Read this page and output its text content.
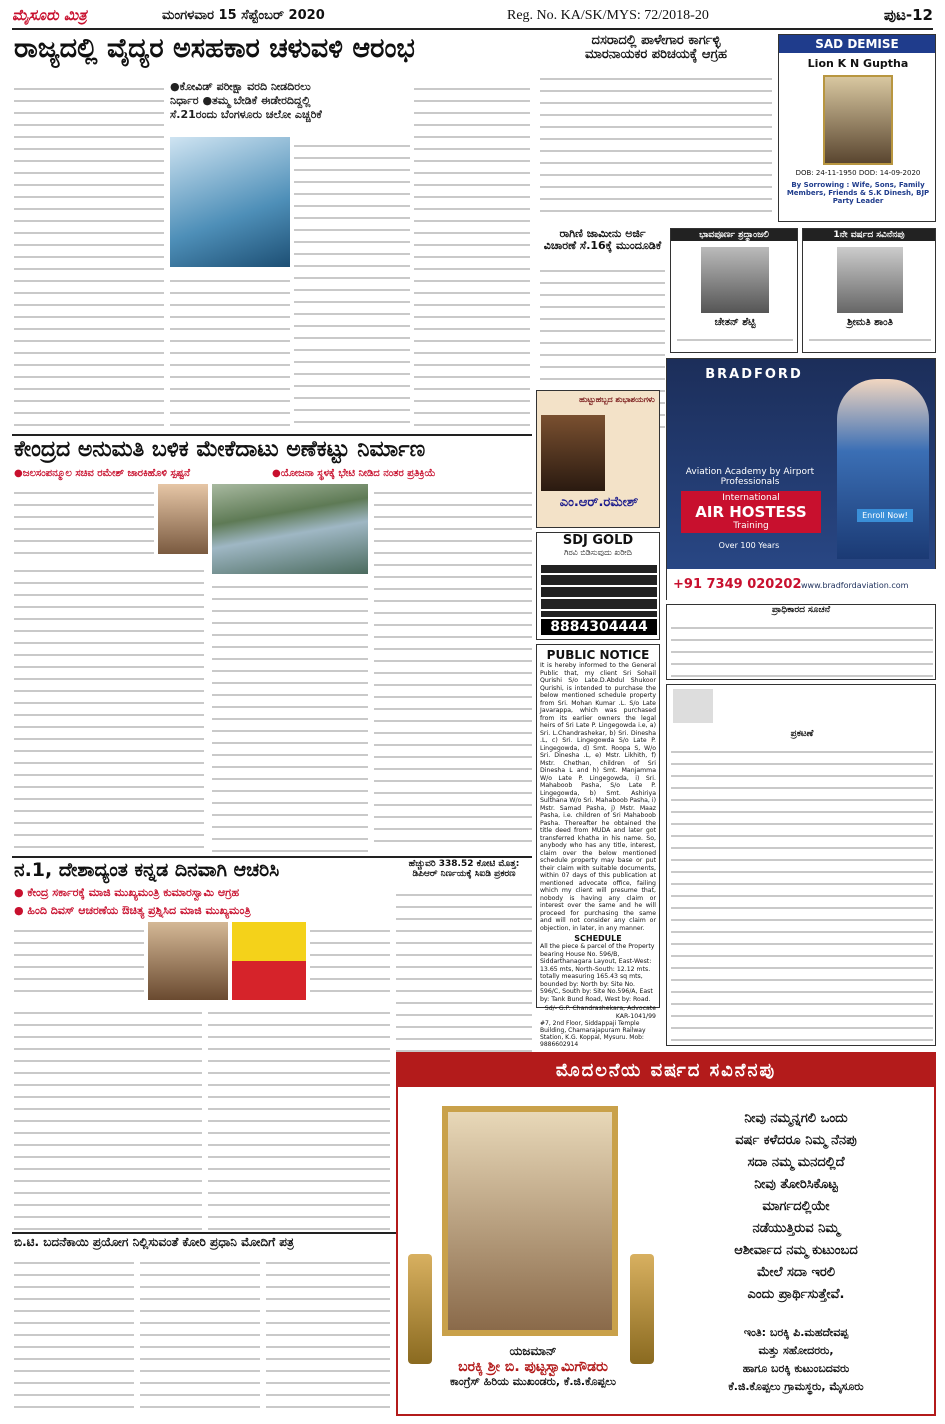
ಮೈಸೂರು ಮಿತ್ರ	ಮಂಗಳವಾರ 15 ಸೆಪ್ಟೆಂಬರ್ 2020	Reg. No. KA/SK/MYS: 72/2018-20	ಪುಟ-12
ರಾಜ್ಯದಲ್ಲಿ ವೈದ್ಯರ ಅಸಹಕಾರ ಚಳುವಳಿ ಆರಂಭ
●ಕೋವಿಡ್ ಪರೀಕ್ಷಾ ವರದಿ ನೀಡದಿರಲು
ನಿರ್ಧಾರ ●ತಮ್ಮ ಬೇಡಿಕೆ ಈಡೇರದಿದ್ದಲ್ಲಿ
ಸೆ.21ರಂದು ಬೆಂಗಳೂರು ಚಲೋ ಎಚ್ಚರಿಕೆ
ದಸರಾದಲ್ಲಿ ಪಾಳೇಗಾರ ಕಾರ್ಗಳ್ಳಿ
ಮಾರನಾಯಕರ ಪರಿಚಯಕ್ಕೆ ಆಗ್ರಹ
SAD DEMISE
Lion K N Guptha
DOB: 24-11-1950 DOD: 14-09-2020
By Sorrowing : Wife, Sons, Family Members, Friends & S.K Dinesh, BJP Party Leader
ರಾಗಿಣಿ ಜಾಮೀನು ಅರ್ಜಿ
ವಿಚಾರಣೆ ಸೆ.16ಕ್ಕೆ ಮುಂದೂಡಿಕೆ
ಭಾವಪೂರ್ಣ ಶ್ರದ್ಧಾಂಜಲಿ
ಚೇತನ್ ಶೆಟ್ಟಿ
1ನೇ ವರ್ಷದ ಸವಿನೆನಪು
ಶ್ರೀಮತಿ ಶಾಂತಿ
ಕೇಂದ್ರದ ಅನುಮತಿ ಬಳಿಕ ಮೇಕೆದಾಟು ಅಣೆಕಟ್ಟು ನಿರ್ಮಾಣ
●ಜಲಸಂಪನ್ಮೂಲ ಸಚಿವ ರಮೇಶ್ ಜಾರಕಿಹೊಳಿ ಸ್ಪಷ್ಟನೆ	●ಯೋಜನಾ ಸ್ಥಳಕ್ಕೆ ಭೇಟಿ ನೀಡಿದ ನಂತರ ಪ್ರತಿಕ್ರಿಯೆ
ಹುಟ್ಟುಹಬ್ಬದ ಶುಭಾಶಯಗಳು
ಎಂ.ಆರ್.ರಮೇಶ್
SDJ GOLD
ಗಿರವಿ ಬಿಡಿಸುವುದು ಖರೀದಿ
8884304444
PUBLIC NOTICE
It is hereby informed to the General Public that, my client Sri Sohail Qurishi S/o Late.D.Abdul Shukoor Qurishi, is intended to purchase the below mentioned schedule property from Sri. Mohan Kumar .L. S/o Late Javarappa, which was purchased from its earlier owners the legal heirs of Sri Late P. Lingegowda i.e, a) Sri. L.Chandrashekar, b) Sri. Dinesha .L, c) Sri. Lingegowda S/o Late P. Lingegowda, d) Smt. Roopa S, W/o Sri. Dinesha .L, e) Mstr. Likhith, f) Mstr. Chethan, children of Sri Dinesha L and h) Smt. Manjamma W/o Late P. Lingegowda, i) Sri. Mahaboob Pasha, S/o Late P. Lingegowda, b) Smt. Ashiriya Sulthana W/o Sri. Mahaboob Pasha, i) Mstr. Samad Pasha, j) Mstr. Maaz Pasha, i.e. children of Sri Mahaboob Pasha. Thereafter he obtained the title deed from MUDA and later got transferred khatha in his name. So, anybody who has any title, interest, claim over the below mentioned schedule property may base or put their claim with suitable documents, within 07 days of this publication at mentioned advocate office, failing which my client will presume that, nobody is having any claim or interest over the same and he will proceed for purchasing the same and will not consider any claim or objection, in later, in any manner.
SCHEDULE
All the piece & parcel of the Property bearing House No. 596/B, Siddarthanagara Layout, East-West: 13.65 mts, North-South: 12.12 mts. totally measuring 165.43 sq mts, bounded by: North by: Site No. 596/C, South by: Site No.596/A, East by: Tank Bund Road, West by: Road.
Sd/- G.P. Chandrashekara, Advocate KAR-1041/99
#7, 2nd Floor, Siddappaji Temple Building, Chamarajapuram Railway Station, K.G. Koppal, Mysuru. Mob: 9886602914
BRADFORD
Aviation Academy by Airport Professionals
International
AIR HOSTESS
Training
Enroll Now!
Over 100 Years
+91 7349 020202 www.bradfordaviation.com
ಪ್ರಾಧಿಕಾರದ ಸೂಚನೆ
ಪ್ರಕಟಣೆ
ನ.1, ದೇಶಾದ್ಯಂತ ಕನ್ನಡ ದಿನವಾಗಿ ಆಚರಿಸಿ
● ಕೇಂದ್ರ ಸರ್ಕಾರಕ್ಕೆ ಮಾಜಿ ಮುಖ್ಯಮಂತ್ರಿ ಕುಮಾರಸ್ವಾಮಿ ಆಗ್ರಹ
● ಹಿಂದಿ ದಿವಸ್ ಆಚರಣೆಯ ಔಚಿತ್ಯ ಪ್ರಶ್ನಿಸಿದ ಮಾಜಿ ಮುಖ್ಯಮಂತ್ರಿ
ಹೆಚ್ಚುವರಿ 338.52 ಕೋಟಿ ಮೊತ್ತ:
ಡಿಪಿಆರ್ ನಿರ್ಣಯಕ್ಕೆ ಸಿಐಡಿ ಪ್ರಕರಣ
ಬಿ.ಟಿ. ಬದನೆಕಾಯಿ ಪ್ರಯೋಗ ನಿಲ್ಲಿಸುವಂತೆ ಕೋರಿ ಪ್ರಧಾನಿ ಮೋದಿಗೆ ಪತ್ರ
ಮೊದಲನೆಯ ವರ್ಷದ ಸವಿನೆನಪು
ನೀವು ನಮ್ಮನ್ನಗಲಿ ಒಂದು
ವರ್ಷ ಕಳೆದರೂ ನಿಮ್ಮ ನೆನಪು
ಸದಾ ನಮ್ಮ ಮನದಲ್ಲಿದೆ
ನೀವು ತೋರಿಸಿಕೊಟ್ಟ
ಮಾರ್ಗದಲ್ಲಿಯೇ
ನಡೆಯುತ್ತಿರುವ ನಿಮ್ಮ
ಆಶೀರ್ವಾದ ನಮ್ಮ ಕುಟುಂಬದ
ಮೇಲೆ ಸದಾ ಇರಲಿ
ಎಂದು ಪ್ರಾರ್ಥಿಸುತ್ತೇವೆ.
ಯಜಮಾನ್
ಬರಕ್ಕಿ ಶ್ರೀ ಬಿ. ಪುಟ್ಟಸ್ವಾಮಿಗೌಡರು
ಕಾಂಗ್ರೆಸ್ ಹಿರಿಯ ಮುಖಂಡರು, ಕೆ.ಜಿ.ಕೊಪ್ಪಲು
ಇಂತಿ: ಬರಕ್ಕಿ ಪಿ.ಮಹದೇವಪ್ಪ
ಮತ್ತು ಸಹೋದರರು,
ಹಾಗೂ ಬರಕ್ಕಿ ಕುಟುಂಬದವರು
ಕೆ.ಜಿ.ಕೊಪ್ಪಲು ಗ್ರಾಮಸ್ಥರು, ಮೈಸೂರು
